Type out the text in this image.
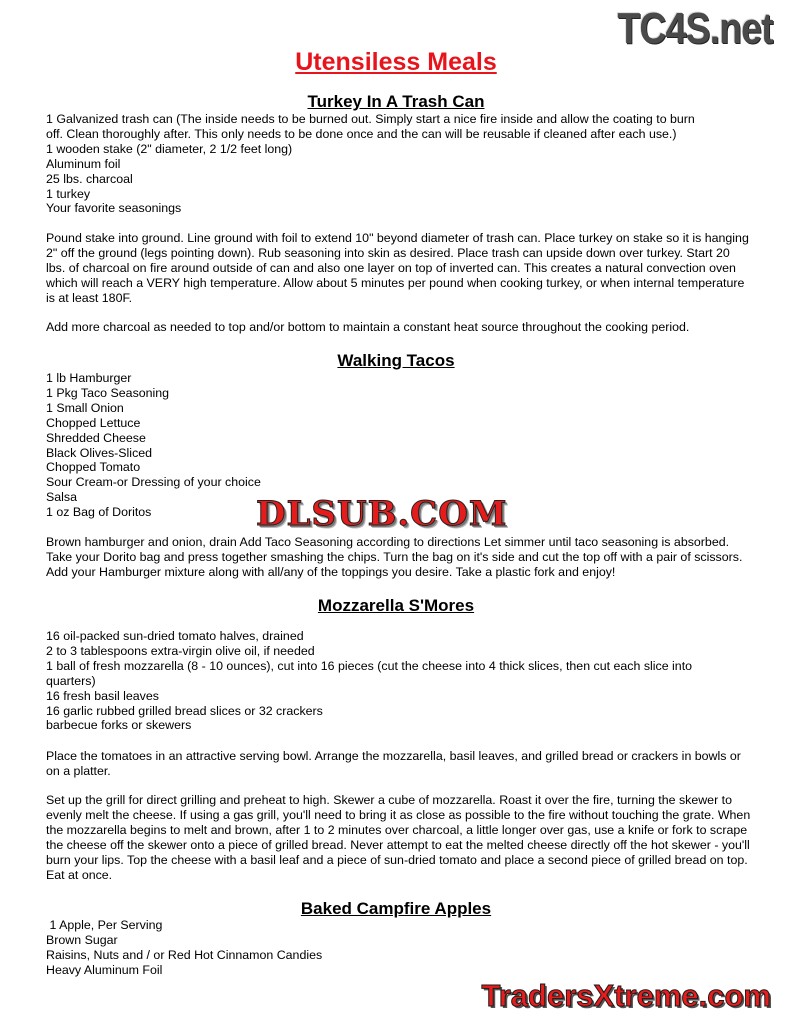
TC4S.net
Utensiless Meals
Turkey In A Trash Can
1 Galvanized trash can (The inside needs to be burned out. Simply start a nice fire inside and allow the coating to burn
off. Clean thoroughly after. This only needs to be done once and the can will be reusable if cleaned after each use.)
1 wooden stake (2" diameter, 2 1/2 feet long)
Aluminum foil
25 lbs. charcoal
1 turkey
Your favorite seasonings

Pound stake into ground. Line ground with foil to extend 10" beyond diameter of trash can. Place turkey on stake so it is hanging 2" off the ground (legs pointing down). Rub seasoning into skin as desired. Place trash can upside down over turkey. Start 20 lbs. of charcoal on fire around outside of can and also one layer on top of inverted can. This creates a natural convection oven which will reach a VERY high temperature. Allow about 5 minutes per pound when cooking turkey, or when internal temperature is at least 180F.

Add more charcoal as needed to top and/or bottom to maintain a constant heat source throughout the cooking period.

Walking Tacos
1 lb Hamburger
1 Pkg Taco Seasoning
1 Small Onion
Chopped Lettuce
Shredded Cheese
Black Olives-Sliced
Chopped Tomato
Sour Cream-or Dressing of your choice
Salsa
1 oz Bag of Doritos

Brown hamburger and onion, drain Add Taco Seasoning according to directions Let simmer until taco seasoning is absorbed. Take your Dorito bag and press together smashing the chips. Turn the bag on it's side and cut the top off with a pair of scissors. Add your Hamburger mixture along with all/any of the toppings you desire. Take a plastic fork and enjoy!

Mozzarella S'Mores
16 oil-packed sun-dried tomato halves, drained
2 to 3 tablespoons extra-virgin olive oil, if needed
1 ball of fresh mozzarella (8 - 10 ounces), cut into 16 pieces (cut the cheese into 4 thick slices, then cut each slice into
quarters)
16 fresh basil leaves
16 garlic rubbed grilled bread slices or 32 crackers
barbecue forks or skewers

Place the tomatoes in an attractive serving bowl. Arrange the mozzarella, basil leaves, and grilled bread or crackers in bowls or on a platter.

Set up the grill for direct grilling and preheat to high. Skewer a cube of mozzarella. Roast it over the fire, turning the skewer to evenly melt the cheese. If using a gas grill, you'll need to bring it as close as possible to the fire without touching the grate. When the mozzarella begins to melt and brown, after 1 to 2 minutes over charcoal, a little longer over gas, use a knife or fork to scrape the cheese off the skewer onto a piece of grilled bread. Never attempt to eat the melted cheese directly off the hot skewer - you'll burn your lips. Top the cheese with a basil leaf and a piece of sun-dried tomato and place a second piece of grilled bread on top. Eat at once.

Baked Campfire Apples
1 Apple, Per Serving
Brown Sugar
Raisins, Nuts and / or Red Hot Cinnamon Candies
Heavy Aluminum Foil
DLSUB.COM
TradersXtreme.com
